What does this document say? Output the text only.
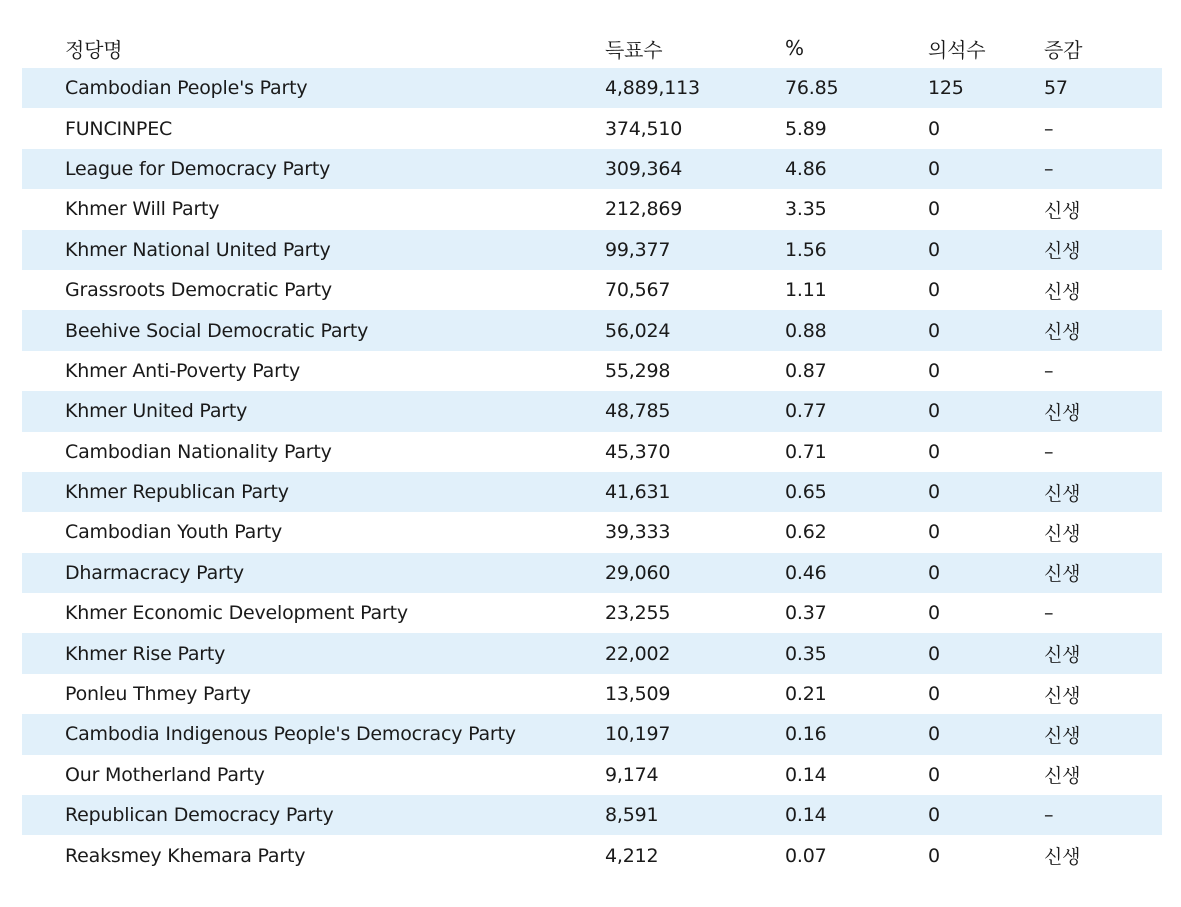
정당명	득표수	%	의석수	증감
Cambodian People's Party	4,889,113	76.85	125	57
FUNCINPEC	374,510	5.89	0	–
League for Democracy Party	309,364	4.86	0	–
Khmer Will Party	212,869	3.35	0	신생
Khmer National United Party	99,377	1.56	0	신생
Grassroots Democratic Party	70,567	1.11	0	신생
Beehive Social Democratic Party	56,024	0.88	0	신생
Khmer Anti-Poverty Party	55,298	0.87	0	–
Khmer United Party	48,785	0.77	0	신생
Cambodian Nationality Party	45,370	0.71	0	–
Khmer Republican Party	41,631	0.65	0	신생
Cambodian Youth Party	39,333	0.62	0	신생
Dharmacracy Party	29,060	0.46	0	신생
Khmer Economic Development Party	23,255	0.37	0	–
Khmer Rise Party	22,002	0.35	0	신생
Ponleu Thmey Party	13,509	0.21	0	신생
Cambodia Indigenous People's Democracy Party	10,197	0.16	0	신생
Our Motherland Party	9,174	0.14	0	신생
Republican Democracy Party	8,591	0.14	0	–
Reaksmey Khemara Party	4,212	0.07	0	신생
